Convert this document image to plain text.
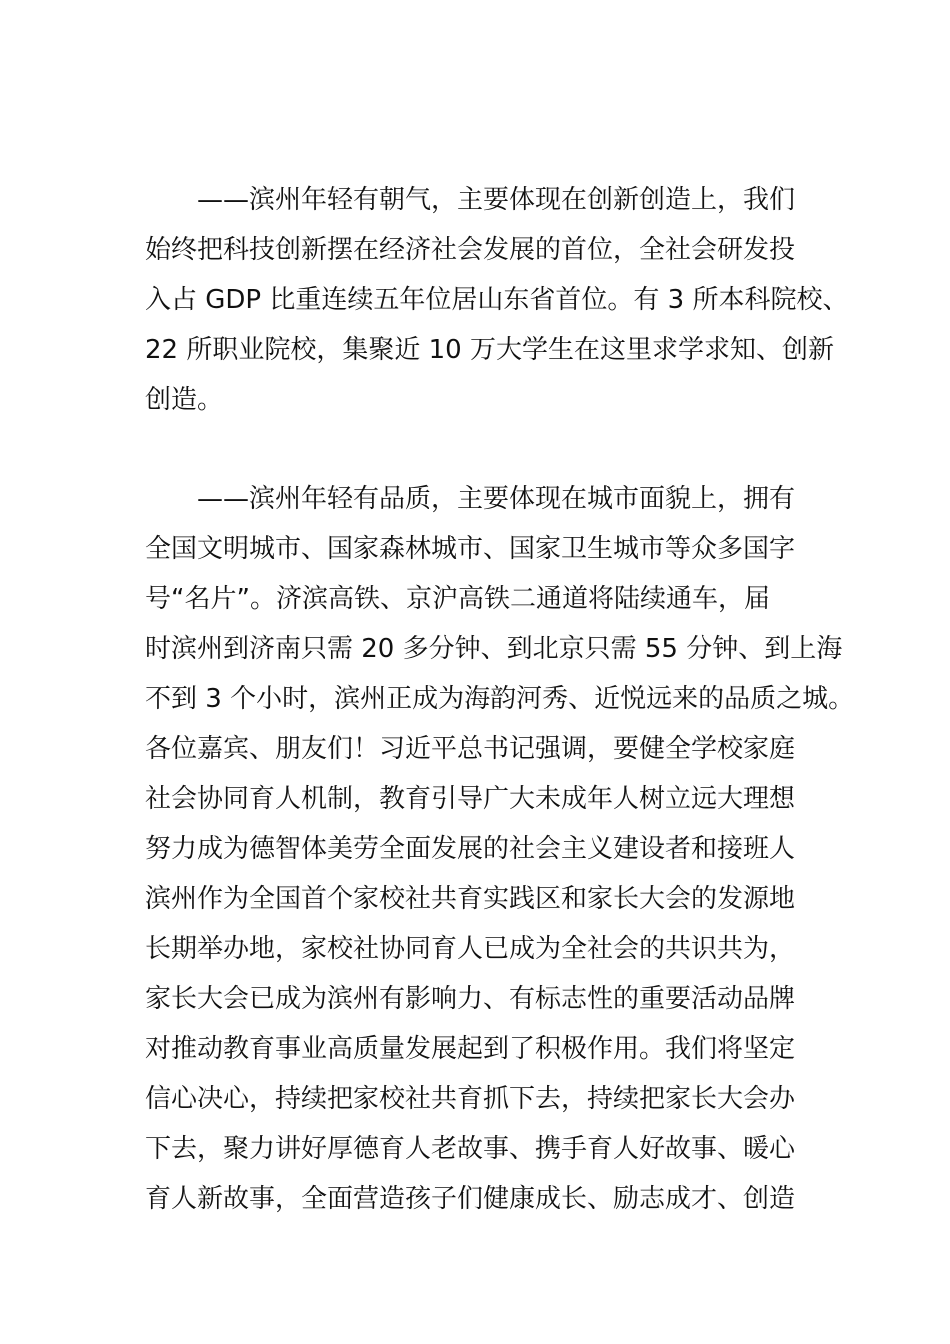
——滨州年轻有朝气，主要体现在创新创造上，我们
始终把科技创新摆在经济社会发展的首位，全社会研发投
入占 GDP 比重连续五年位居山东省首位。有 3 所本科院校、
22 所职业院校，集聚近 10 万大学生在这里求学求知、创新
创造。
——滨州年轻有品质，主要体现在城市面貌上，拥有
全国文明城市、国家森林城市、国家卫生城市等众多国字
号“名片”。济滨高铁、京沪高铁二通道将陆续通车，届
时滨州到济南只需 20 多分钟、到北京只需 55 分钟、到上海
不到 3 个小时，滨州正成为海韵河秀、近悦远来的品质之城。
各位嘉宾、朋友们！习近平总书记强调，要健全学校家庭
社会协同育人机制，教育引导广大未成年人树立远大理想
努力成为德智体美劳全面发展的社会主义建设者和接班人
滨州作为全国首个家校社共育实践区和家长大会的发源地
长期举办地，家校社协同育人已成为全社会的共识共为，
家长大会已成为滨州有影响力、有标志性的重要活动品牌
对推动教育事业高质量发展起到了积极作用。我们将坚定
信心决心，持续把家校社共育抓下去，持续把家长大会办
下去，聚力讲好厚德育人老故事、携手育人好故事、暖心
育人新故事，全面营造孩子们健康成长、励志成才、创造
